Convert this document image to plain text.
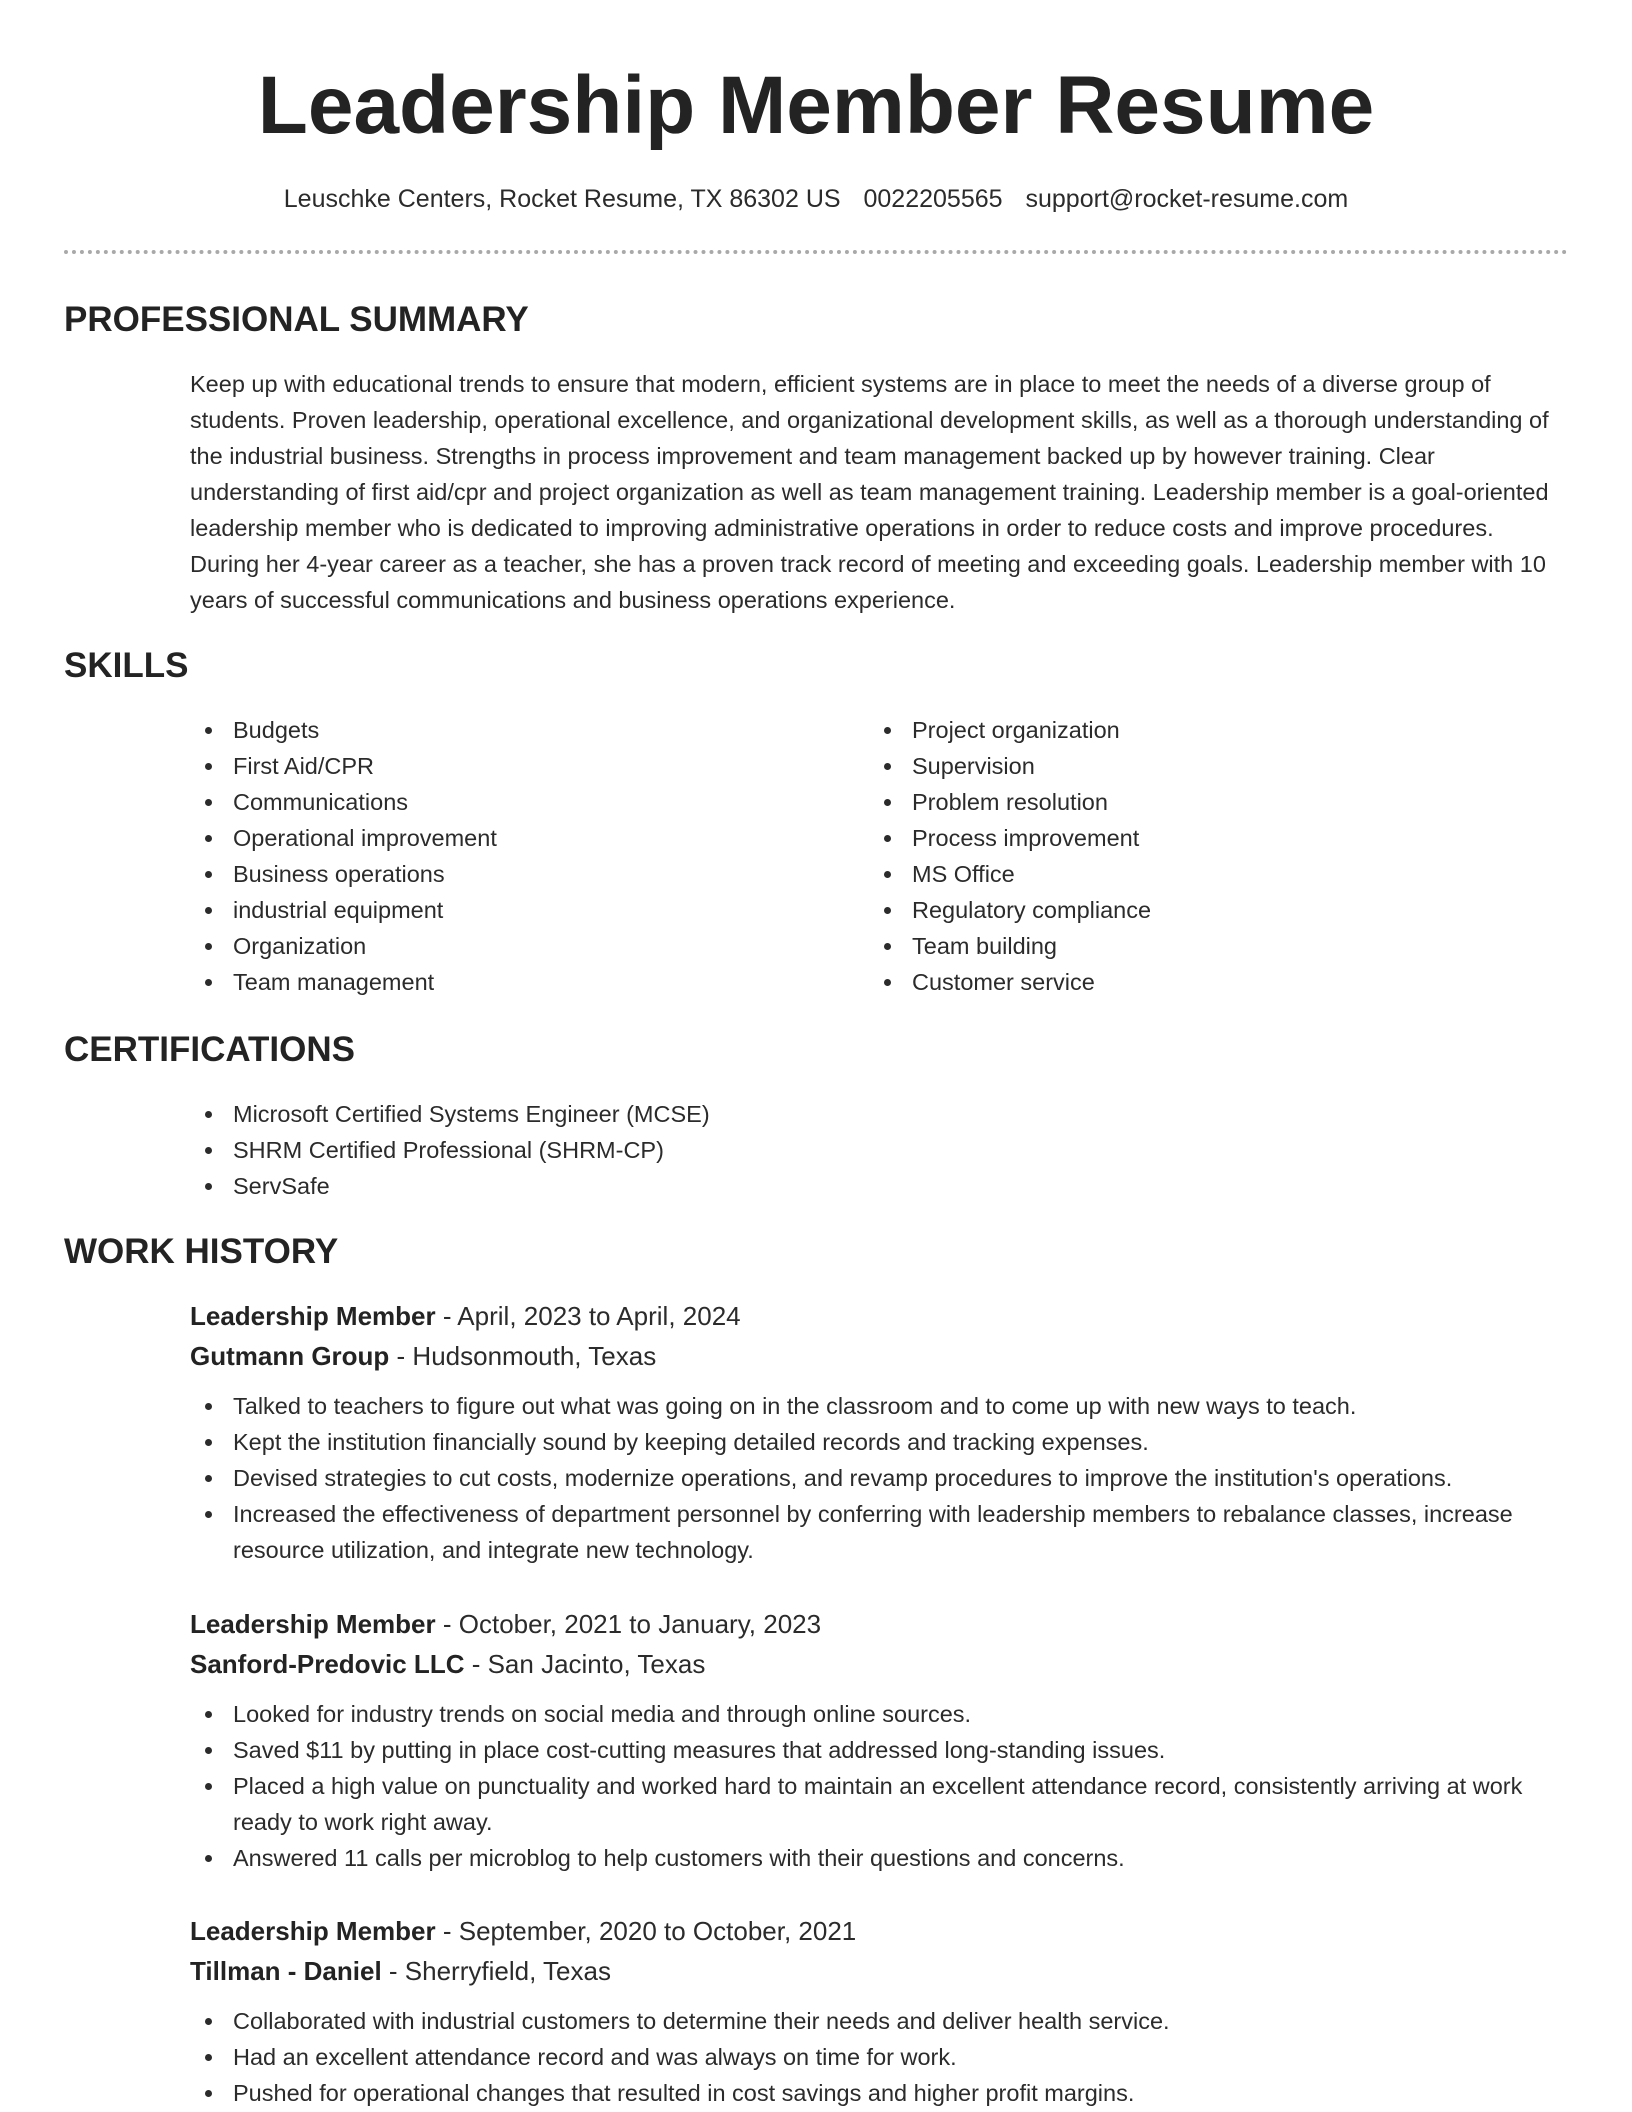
Leadership Member Resume
Leuschke Centers, Rocket Resume, TX 86302 US 0022205565 support@rocket-resume.com
PROFESSIONAL SUMMARY

Keep up with educational trends to ensure that modern, efficient systems are in place to meet the needs of a diverse group of students. Proven leadership, operational excellence, and organizational development skills, as well as a thorough understanding of the industrial business. Strengths in process improvement and team management backed up by however training. Clear understanding of first aid/cpr and project organization as well as team management training. Leadership member is a goal-oriented leadership member who is dedicated to improving administrative operations in order to reduce costs and improve procedures. During her 4-year career as a teacher, she has a proven track record of meeting and exceeding goals. Leadership member with 10 years of successful communications and business operations experience.

SKILLS
Budgets
First Aid/CPR
Communications
Operational improvement
Business operations
industrial equipment
Organization
Team management
Project organization
Supervision
Problem resolution
Process improvement
MS Office
Regulatory compliance
Team building
Customer service
CERTIFICATIONS
Microsoft Certified Systems Engineer (MCSE)
SHRM Certified Professional (SHRM-CP)
ServSafe
WORK HISTORY
Leadership Member - April, 2023 to April, 2024
Gutmann Group - Hudsonmouth, Texas
Talked to teachers to figure out what was going on in the classroom and to come up with new ways to teach.
Kept the institution financially sound by keeping detailed records and tracking expenses.
Devised strategies to cut costs, modernize operations, and revamp procedures to improve the institution's operations.
Increased the effectiveness of department personnel by conferring with leadership members to rebalance classes, increase resource utilization, and integrate new technology.
Leadership Member - October, 2021 to January, 2023
Sanford-Predovic LLC - San Jacinto, Texas
Looked for industry trends on social media and through online sources.
Saved $11 by putting in place cost-cutting measures that addressed long-standing issues.
Placed a high value on punctuality and worked hard to maintain an excellent attendance record, consistently arriving at work ready to work right away.
Answered 11 calls per microblog to help customers with their questions and concerns.
Leadership Member - September, 2020 to October, 2021
Tillman - Daniel - Sherryfield, Texas
Collaborated with industrial customers to determine their needs and deliver health service.
Had an excellent attendance record and was always on time for work.
Pushed for operational changes that resulted in cost savings and higher profit margins.
